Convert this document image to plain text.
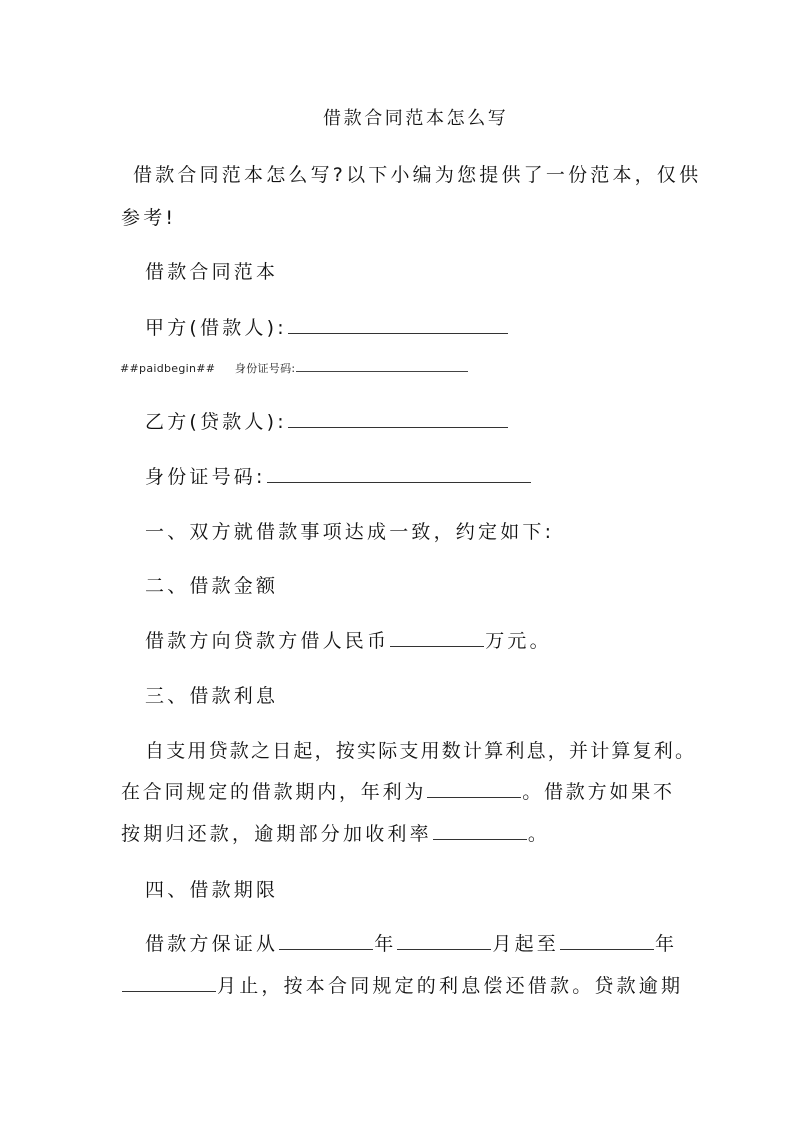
借款合同范本怎么写
借款合同范本怎么写?以下小编为您提供了一份范本，仅供
参考!
借款合同范本
甲方(借款人):
##paidbegin## 身份证号码:
乙方(贷款人):
身份证号码:
一、双方就借款事项达成一致，约定如下:
二、借款金额
借款方向贷款方借人民币	万元。
三、借款利息
自支用贷款之日起，按实际支用数计算利息，并计算复利。
在合同规定的借款期内，年利为	。借款方如果不
按期归还款，逾期部分加收利率	。
四、借款期限
借款方保证从	年	月起至	年
月止，按本合同规定的利息偿还借款。贷款逾期
